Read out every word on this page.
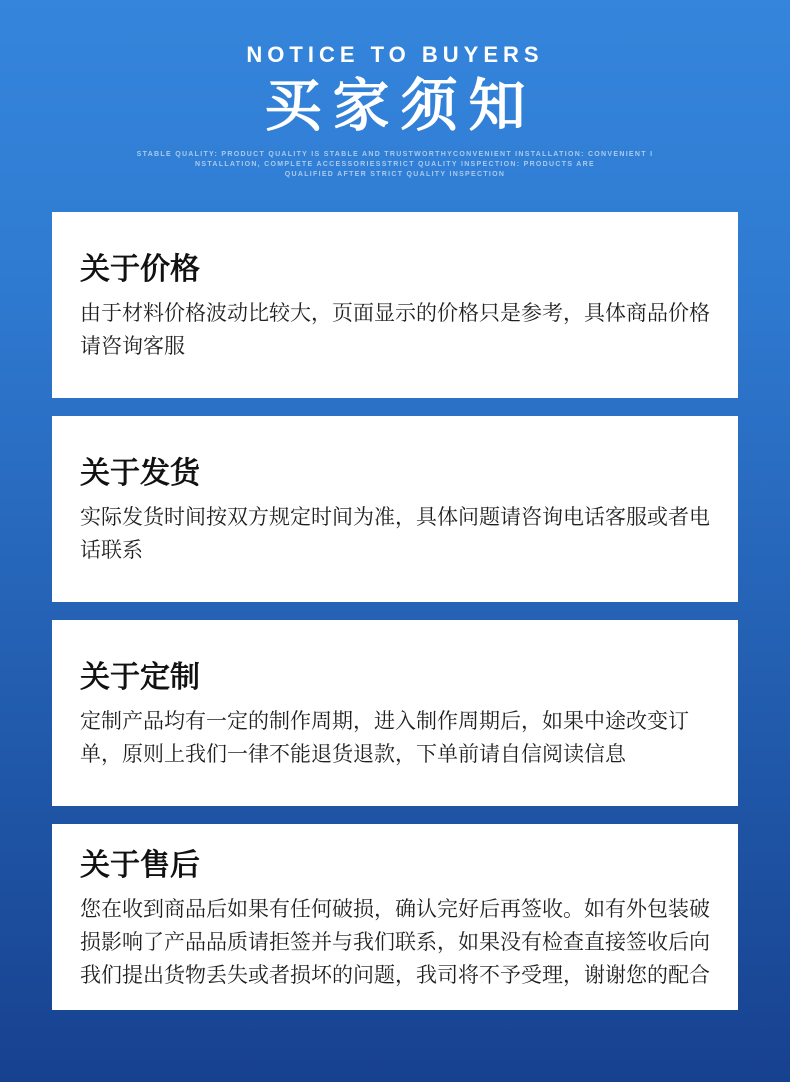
NOTICE TO BUYERS
买家须知
STABLE QUALITY: PRODUCT QUALITY IS STABLE AND TRUSTWORTHYCONVENIENT INSTALLATION: CONVENIENT I
NSTALLATION, COMPLETE ACCESSORIESSTRICT QUALITY INSPECTION: PRODUCTS ARE
QUALIFIED AFTER STRICT QUALITY INSPECTION
关于价格
由于材料价格波动比较大，页面显示的价格只是参考，具体商品价格请咨询客服
关于发货
实际发货时间按双方规定时间为准，具体问题请咨询电话客服或者电话联系
关于定制
定制产品均有一定的制作周期，进入制作周期后，如果中途改变订单，原则上我们一律不能退货退款，下单前请自信阅读信息
关于售后
您在收到商品后如果有任何破损，确认完好后再签收。如有外包装破损影响了产品品质请拒签并与我们联系，如果没有检查直接签收后向我们提出货物丢失或者损坏的问题，我司将不予受理，谢谢您的配合
